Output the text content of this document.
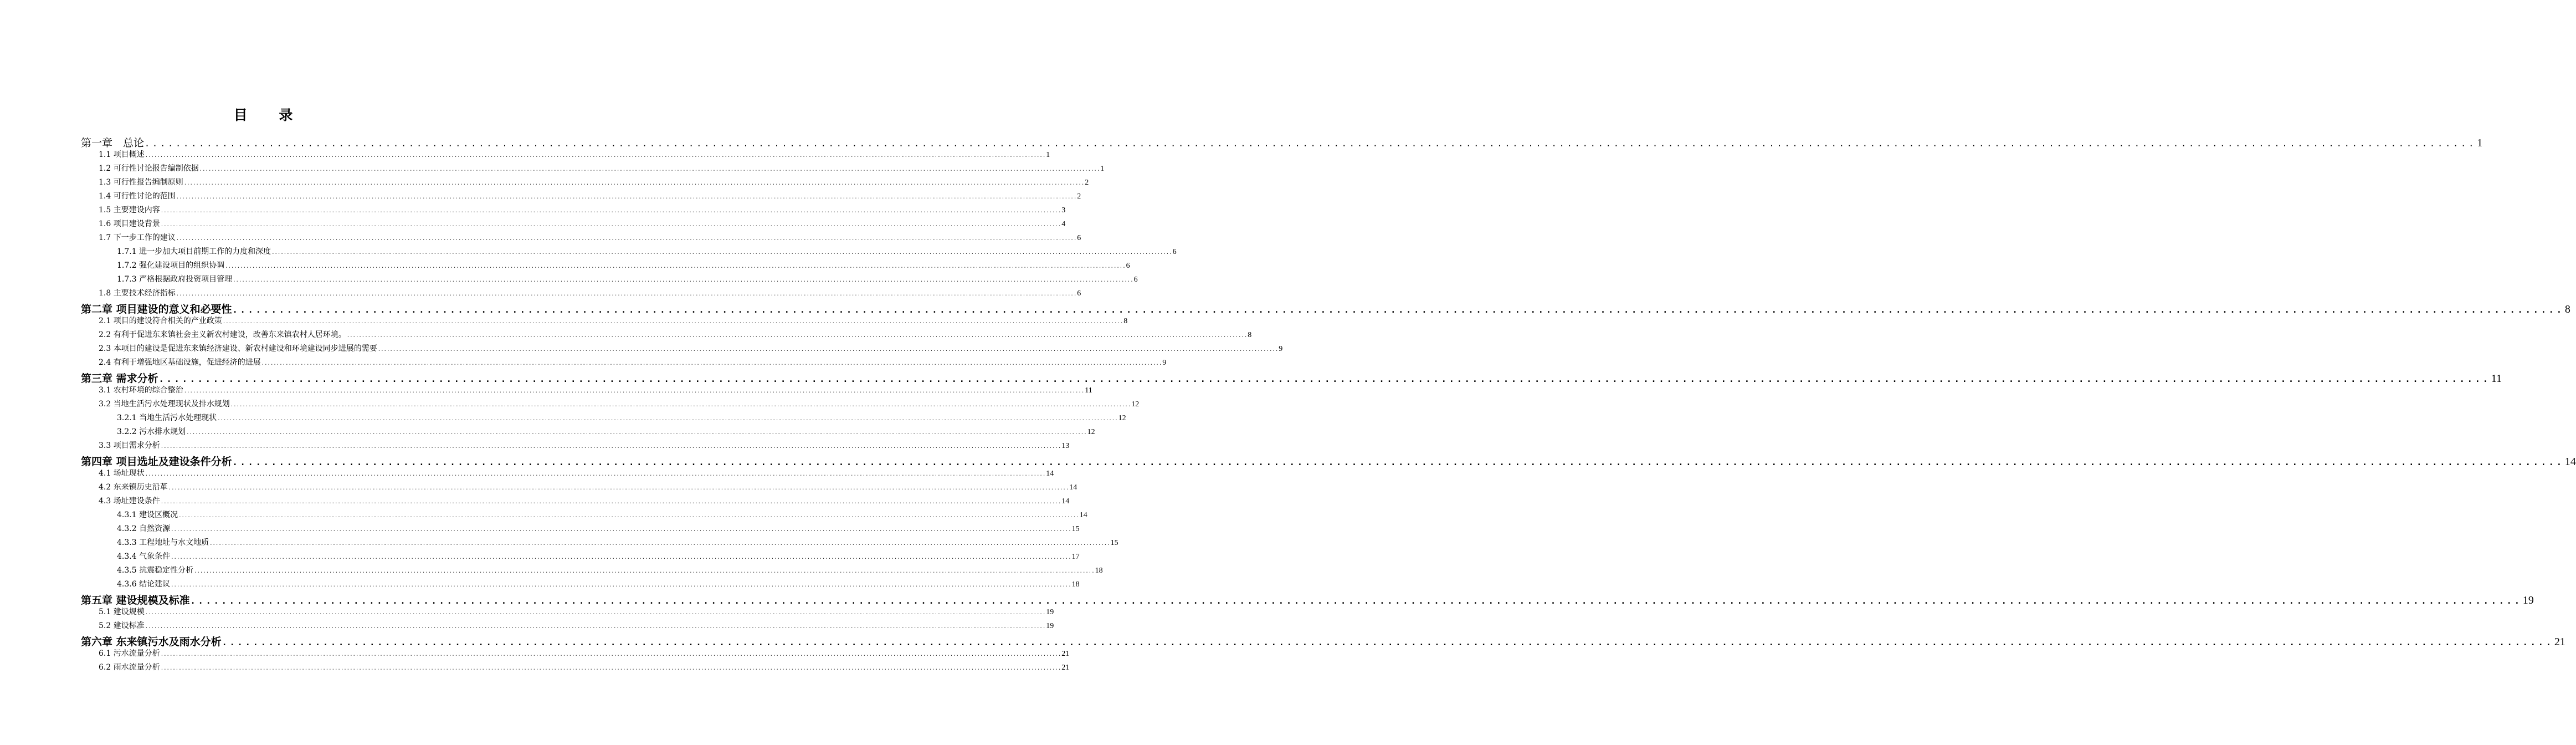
目 录
第一章　总论 ............................................................................................................................................................................................................................................................................................................ 1
1.1 项目概述 ............................................................................................................................................................................................................................................................................................................ 1
1.2 可行性讨论报告编制依据 ............................................................................................................................................................................................................................................................................................................ 1
1.3 可行性报告编制原则 ............................................................................................................................................................................................................................................................................................................ 2
1.4 可行性讨论的范围 ............................................................................................................................................................................................................................................................................................................ 2
1.5 主要建设内容 ............................................................................................................................................................................................................................................................................................................ 3
1.6 项目建设背景 ............................................................................................................................................................................................................................................................................................................ 4
1.7 下一步工作的建议 ............................................................................................................................................................................................................................................................................................................ 6
1.7.1 进一步加大项目前期工作的力度和深度 ............................................................................................................................................................................................................................................................................................................ 6
1.7.2 强化建设项目的组织协调 ............................................................................................................................................................................................................................................................................................................ 6
1.7.3 严格根据政府投资项目管理 ............................................................................................................................................................................................................................................................................................................ 6
1.8 主要技术经济指标 ............................................................................................................................................................................................................................................................................................................ 6
第二章 项目建设的意义和必要性 ............................................................................................................................................................................................................................................................................................................ 8
2.1 项目的建设符合相关的产业政策 ............................................................................................................................................................................................................................................................................................................ 8
2.2 有利于促进东来镇社会主义新农村建设，改善东来镇农村人居环境。 ............................................................................................................................................................................................................................................................................................................ 8
2.3 本项目的建设是促进东来镇经济建设、新农村建设和环境建设同步进展的需要 ............................................................................................................................................................................................................................................................................................................ 9
2.4 有利于增强地区基础设施，促进经济的进展 ............................................................................................................................................................................................................................................................................................................ 9
第三章 需求分析 ............................................................................................................................................................................................................................................................................................................ 11
3.1 农村环境的综合整治 ............................................................................................................................................................................................................................................................................................................ 11
3.2 当地生活污水处理现状及排水规划 ............................................................................................................................................................................................................................................................................................................ 12
3.2.1 当地生活污水处理现状 ............................................................................................................................................................................................................................................................................................................ 12
3.2.2 污水排水规划 ............................................................................................................................................................................................................................................................................................................ 12
3.3 项目需求分析 ............................................................................................................................................................................................................................................................................................................ 13
第四章 项目选址及建设条件分析 ............................................................................................................................................................................................................................................................................................................ 14
4.1 场址现状 ............................................................................................................................................................................................................................................................................................................ 14
4.2 东来镇历史沿革 ............................................................................................................................................................................................................................................................................................................ 14
4.3 场址建设条件 ............................................................................................................................................................................................................................................................................................................ 14
4.3.1 建设区概况 ............................................................................................................................................................................................................................................................................................................ 14
4.3.2 自然资源 ............................................................................................................................................................................................................................................................................................................ 15
4.3.3 工程地址与水文地质 ............................................................................................................................................................................................................................................................................................................ 15
4.3.4 气象条件 ............................................................................................................................................................................................................................................................................................................ 17
4.3.5 抗震稳定性分析 ............................................................................................................................................................................................................................................................................................................ 18
4.3.6 结论建议 ............................................................................................................................................................................................................................................................................................................ 18
第五章 建设规模及标准 ............................................................................................................................................................................................................................................................................................................ 19
5.1 建设规模 ............................................................................................................................................................................................................................................................................................................ 19
5.2 建设标准 ............................................................................................................................................................................................................................................................................................................ 19
第六章 东来镇污水及雨水分析 ............................................................................................................................................................................................................................................................................................................ 21
6.1 污水流量分析 ............................................................................................................................................................................................................................................................................................................ 21
6.2 雨水流量分析 ............................................................................................................................................................................................................................................................................................................ 21
